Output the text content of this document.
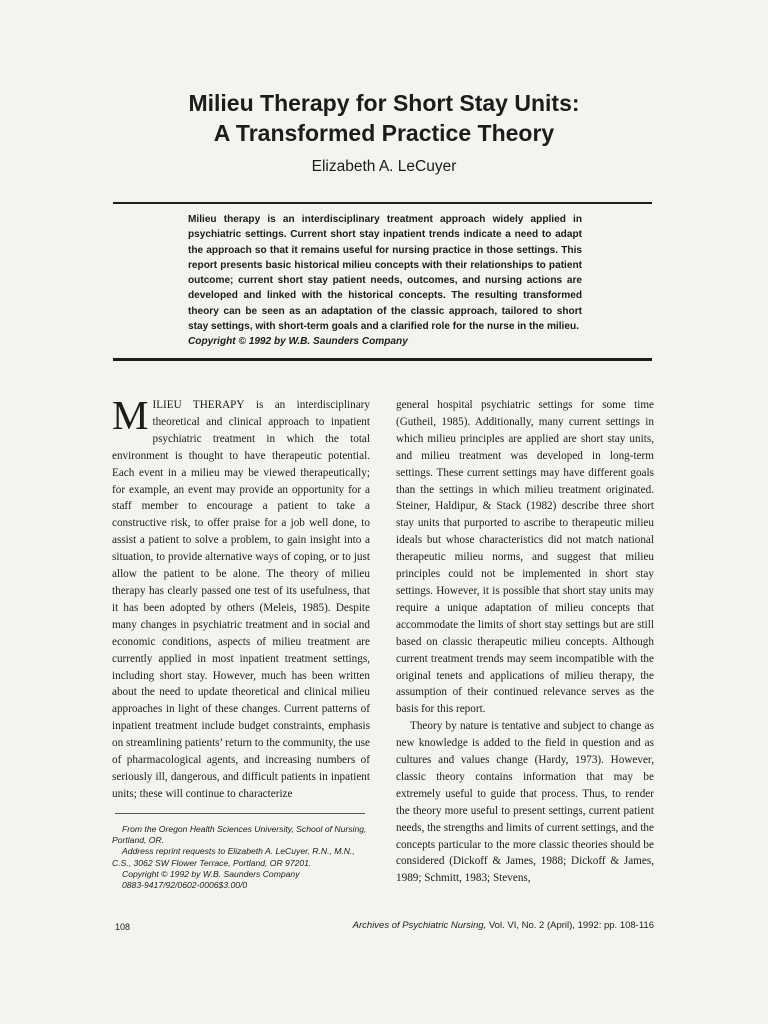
Milieu Therapy for Short Stay Units:
A Transformed Practice Theory
Elizabeth A. LeCuyer

Milieu therapy is an interdisciplinary treatment approach widely applied in psychiatric settings. Current short stay inpatient trends indicate a need to adapt the approach so that it remains useful for nursing practice in those settings. This report presents basic historical milieu concepts with their relationships to patient outcome; current short stay patient needs, outcomes, and nursing actions are developed and linked with the historical concepts. The resulting transformed theory can be seen as an adaptation of the classic approach, tailored to short stay settings, with short-term goals and a clarified role for the nurse in the milieu.
Copyright © 1992 by W.B. Saunders Company

MILIEU THERAPY is an interdisciplinary theoretical and clinical approach to inpatient psychiatric treatment in which the total environment is thought to have therapeutic potential. Each event in a milieu may be viewed therapeutically; for example, an event may provide an opportunity for a staff member to encourage a patient to take a constructive risk, to offer praise for a job well done, to assist a patient to solve a problem, to gain insight into a situation, to provide alternative ways of coping, or to just allow the patient to be alone. The theory of milieu therapy has clearly passed one test of its usefulness, that it has been adopted by others (Meleis, 1985). Despite many changes in psychiatric treatment and in social and economic conditions, aspects of milieu treatment are currently applied in most inpatient treatment settings, including short stay. However, much has been written about the need to update theoretical and clinical milieu approaches in light of these changes. Current patterns of inpatient treatment include budget constraints, emphasis on streamlining patients’ return to the community, the use of pharmacological agents, and increasing numbers of seriously ill, dangerous, and difficult patients in inpatient units; these will continue to characterize

general hospital psychiatric settings for some time (Gutheil, 1985). Additionally, many current settings in which milieu principles are applied are short stay units, and milieu treatment was developed in long-term settings. These current settings may have different goals than the settings in which milieu treatment originated. Steiner, Haldipur, & Stack (1982) describe three short stay units that purported to ascribe to therapeutic milieu ideals but whose characteristics did not match national therapeutic milieu norms, and suggest that milieu principles could not be implemented in short stay settings. However, it is possible that short stay units may require a unique adaptation of milieu concepts that accommodate the limits of short stay settings but are still based on classic therapeutic milieu concepts. Although current treatment trends may seem incompatible with the original tenets and applications of milieu therapy, the assumption of their continued relevance serves as the basis for this report.

Theory by nature is tentative and subject to change as new knowledge is added to the field in question and as cultures and values change (Hardy, 1973). However, classic theory contains information that may be extremely useful to guide that process. Thus, to render the theory more useful to present settings, current patient needs, the strengths and limits of current settings, and the concepts particular to the more classic theories should be considered (Dickoff & James, 1988; Dickoff & James, 1989; Schmitt, 1983; Stevens,

From the Oregon Health Sciences University, School of Nursing, Portland, OR.
Address reprint requests to Elizabeth A. LeCuyer, R.N., M.N., C.S., 3062 SW Flower Terrace, Portland, OR 97201.
Copyright © 1992 by W.B. Saunders Company
0883-9417/92/0602-0006$3.00/0
108	Archives of Psychiatric Nursing, Vol. VI, No. 2 (April), 1992: pp. 108-116
